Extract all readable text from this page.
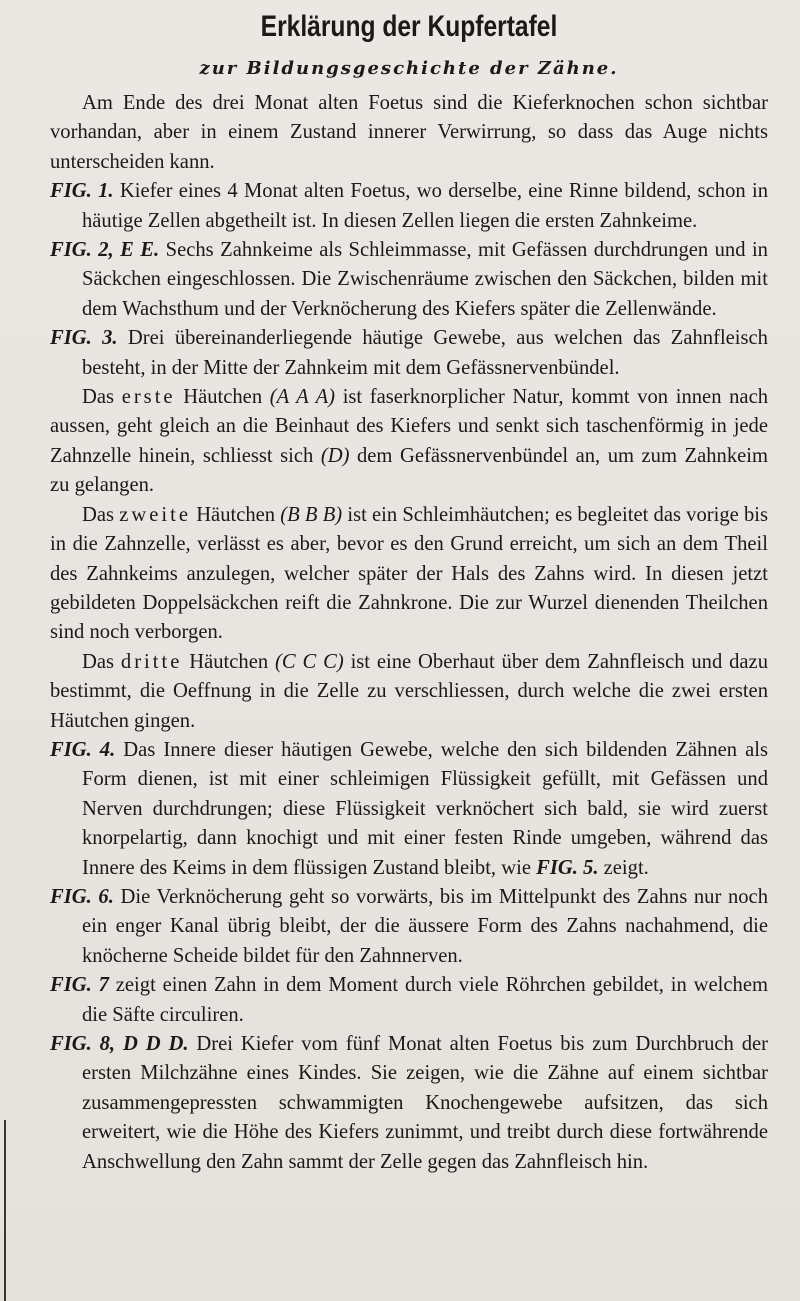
Erklärung der Kupfertafel
zur Bildungsgeschichte der Zähne.

Am Ende des drei Monat alten Foetus sind die Kieferknochen schon sichtbar vorhandan, aber in einem Zustand innerer Verwirrung, so dass das Auge nichts unterscheiden kann.

FIG. 1. Kiefer eines 4 Monat alten Foetus, wo derselbe, eine Rinne bildend, schon in häutige Zellen abgetheilt ist. In diesen Zellen liegen die ersten Zahnkeime.

FIG. 2, E E. Sechs Zahnkeime als Schleimmasse, mit Gefässen durchdrungen und in Säckchen eingeschlossen. Die Zwischenräume zwischen den Säckchen, bilden mit dem Wachsthum und der Verknöcherung des Kiefers später die Zellenwände.

FIG. 3. Drei übereinanderliegende häutige Gewebe, aus welchen das Zahnfleisch besteht, in der Mitte der Zahnkeim mit dem Gefässnervenbündel.

Das erste Häutchen (A A A) ist faserknorplicher Natur, kommt von innen nach aussen, geht gleich an die Beinhaut des Kiefers und senkt sich taschenförmig in jede Zahnzelle hinein, schliesst sich (D) dem Gefässnervenbündel an, um zum Zahnkeim zu gelangen.

Das zweite Häutchen (B B B) ist ein Schleimhäutchen; es begleitet das vorige bis in die Zahnzelle, verlässt es aber, bevor es den Grund erreicht, um sich an dem Theil des Zahnkeims anzulegen, welcher später der Hals des Zahns wird. In diesen jetzt gebildeten Doppelsäckchen reift die Zahnkrone. Die zur Wurzel dienenden Theilchen sind noch verborgen.

Das dritte Häutchen (C C C) ist eine Oberhaut über dem Zahnfleisch und dazu bestimmt, die Oeffnung in die Zelle zu verschliessen, durch welche die zwei ersten Häutchen gingen.

FIG. 4. Das Innere dieser häutigen Gewebe, welche den sich bildenden Zähnen als Form dienen, ist mit einer schleimigen Flüssigkeit gefüllt, mit Gefässen und Nerven durchdrungen; diese Flüssigkeit verknöchert sich bald, sie wird zuerst knorpelartig, dann knochigt und mit einer festen Rinde umgeben, während das Innere des Keims in dem flüssigen Zustand bleibt, wie FIG. 5. zeigt.

FIG. 6. Die Verknöcherung geht so vorwärts, bis im Mittelpunkt des Zahns nur noch ein enger Kanal übrig bleibt, der die äussere Form des Zahns nachahmend, die knöcherne Scheide bildet für den Zahnnerven.

FIG. 7 zeigt einen Zahn in dem Moment durch viele Röhrchen gebildet, in welchem die Säfte circuliren.

FIG. 8, D D D. Drei Kiefer vom fünf Monat alten Foetus bis zum Durchbruch der ersten Milchzähne eines Kindes. Sie zeigen, wie die Zähne auf einem sichtbar zusammengepressten schwammigten Knochengewebe aufsitzen, das sich erweitert, wie die Höhe des Kiefers zunimmt, und treibt durch diese fortwährende Anschwellung den Zahn sammt der Zelle gegen das Zahnfleisch hin.
